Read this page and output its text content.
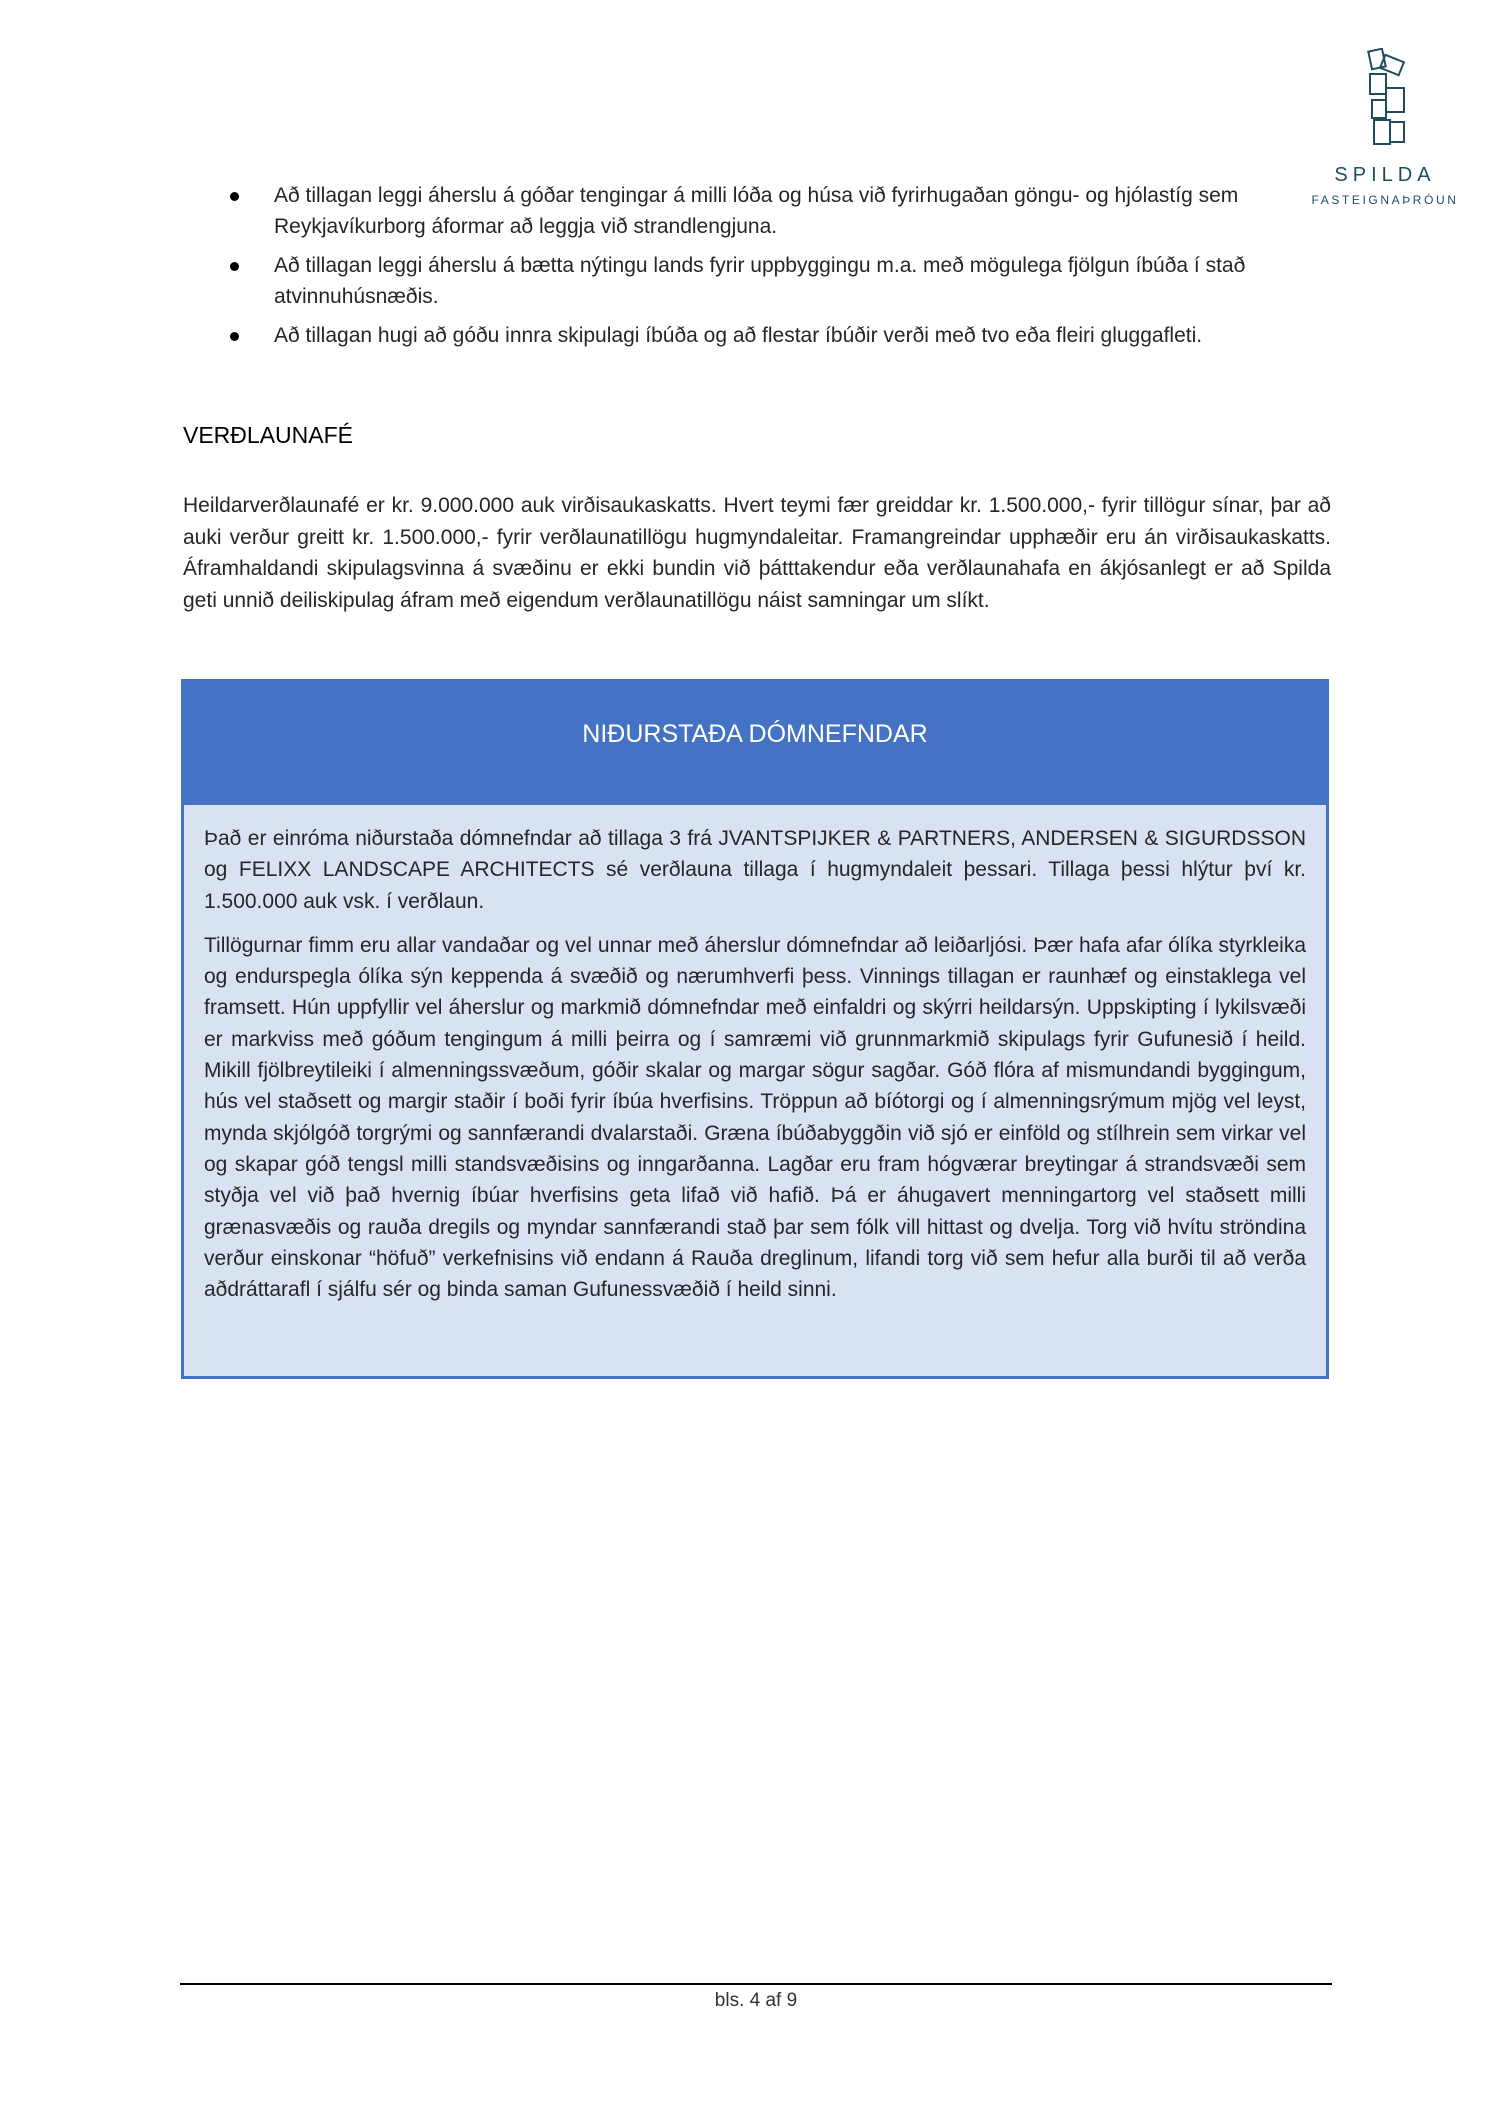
SPILDA
FASTEIGNAÞRÓUN
Að tillagan leggi áherslu á góðar tengingar á milli lóða og húsa við fyrirhugaðan göngu- og hjólastíg sem Reykjavíkurborg áformar að leggja við strandlengjuna.
Að tillagan leggi áherslu á bætta nýtingu lands fyrir uppbyggingu m.a. með mögulega fjölgun íbúða í stað atvinnuhúsnæðis.
Að tillagan hugi að góðu innra skipulagi íbúða og að flestar íbúðir verði með tvo eða fleiri gluggafleti.
VERÐLAUNAFÉ

Heildarverðlaunafé er kr. 9.000.000 auk virðisaukaskatts. Hvert teymi fær greiddar kr. 1.500.000,- fyrir tillögur sínar, þar að auki verður greitt kr. 1.500.000,- fyrir verðlaunatillögu hugmyndaleitar. Framangreindar upphæðir eru án virðisaukaskatts. Áframhaldandi skipulagsvinna á svæðinu er ekki bundin við þátttakendur eða verðlaunahafa en ákjósanlegt er að Spilda geti unnið deiliskipulag áfram með eigendum verðlaunatillögu náist samningar um slíkt.

NIÐURSTAÐA DÓMNEFNDAR

Það er einróma niðurstaða dómnefndar að tillaga 3 frá JVANTSPIJKER & PARTNERS, ANDERSEN & SIGURDSSON og FELIXX LANDSCAPE ARCHITECTS sé verðlauna tillaga í hugmyndaleit þessari. Tillaga þessi hlýtur því kr. 1.500.000 auk vsk. í verðlaun.

Tillögurnar fimm eru allar vandaðar og vel unnar með áherslur dómnefndar að leiðarljósi. Þær hafa afar ólíka styrkleika og endurspegla ólíka sýn keppenda á svæðið og nærumhverfi þess. Vinnings tillagan er raunhæf og einstaklega vel framsett. Hún uppfyllir vel áherslur og markmið dómnefndar með einfaldri og skýrri heildarsýn. Uppskipting í lykilsvæði er markviss með góðum tengingum á milli þeirra og í samræmi við grunnmarkmið skipulags fyrir Gufunesið í heild. Mikill fjölbreytileiki í almenningssvæðum, góðir skalar og margar sögur sagðar. Góð flóra af mismundandi byggingum, hús vel staðsett og margir staðir í boði fyrir íbúa hverfisins. Tröppun að bíótorgi og í almenningsrýmum mjög vel leyst, mynda skjólgóð torgrými og sannfærandi dvalarstaði. Græna íbúðabyggðin við sjó er einföld og stílhrein sem virkar vel og skapar góð tengsl milli standsvæðisins og inngarðanna. Lagðar eru fram hógværar breytingar á strandsvæði sem styðja vel við það hvernig íbúar hverfisins geta lifað við hafið. Þá er áhugavert menningartorg vel staðsett milli grænasvæðis og rauða dregils og myndar sannfærandi stað þar sem fólk vill hittast og dvelja. Torg við hvítu ströndina verður einskonar “höfuð” verkefnisins við endann á Rauða dreglinum, lifandi torg við sem hefur alla burði til að verða aðdráttarafl í sjálfu sér og binda saman Gufunessvæðið í heild sinni.

bls. 4 af 9
